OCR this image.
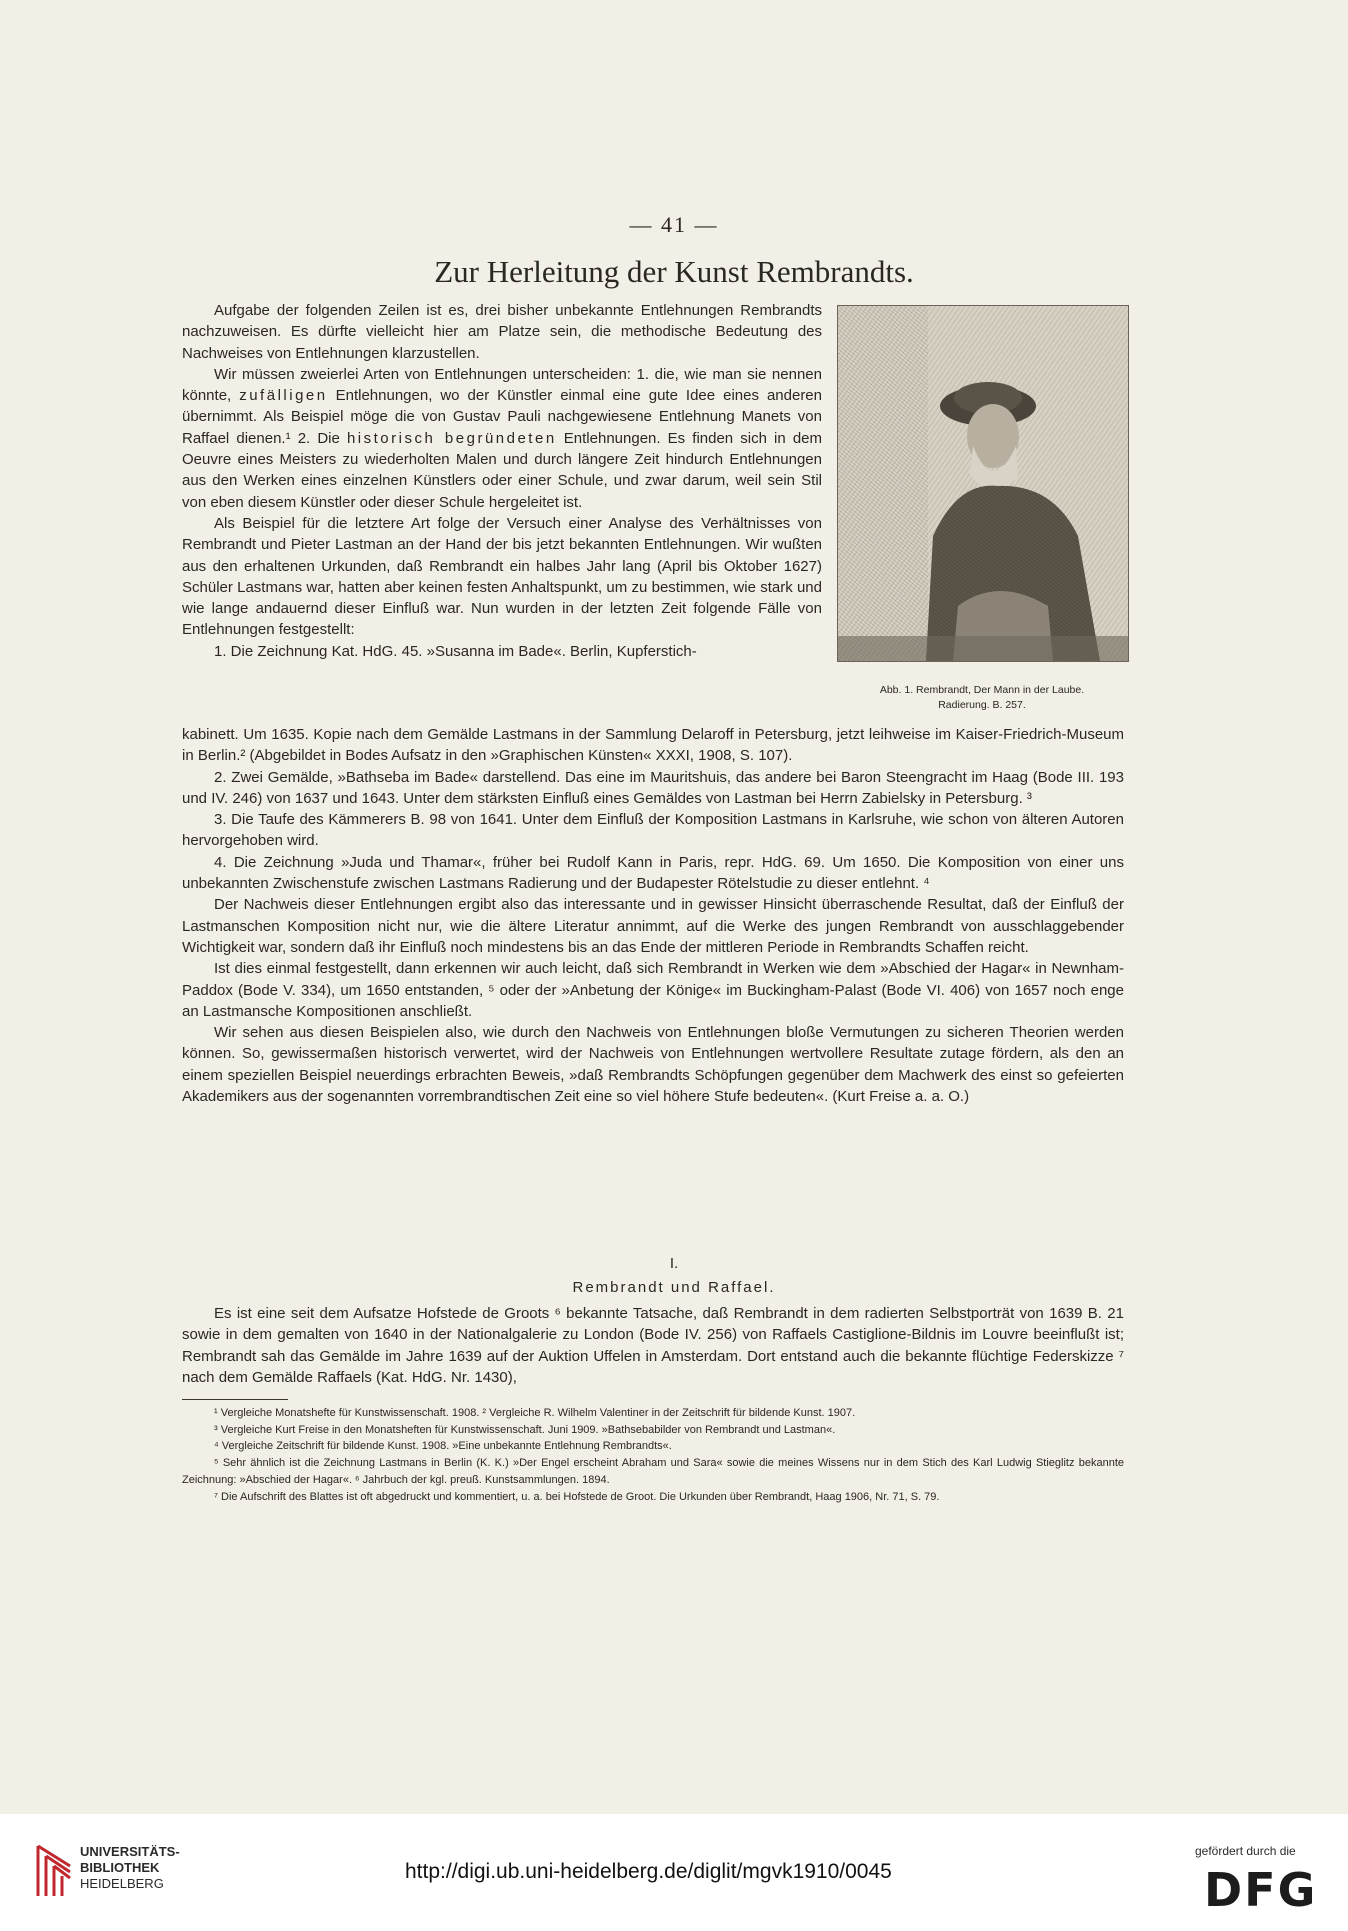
— 41 —
Zur Herleitung der Kunst Rembrandts.

Aufgabe der folgenden Zeilen ist es, drei bisher unbekannte Entlehnungen Rembrandts nachzuweisen. Es dürfte vielleicht hier am Platze sein, die methodische Bedeutung des Nachweises von Entlehnungen klarzustellen.

Wir müssen zweierlei Arten von Entlehnungen unterscheiden: 1. die, wie man sie nennen könnte, zufälligen Entlehnungen, wo der Künstler einmal eine gute Idee eines anderen übernimmt. Als Beispiel möge die von Gustav Pauli nachgewiesene Entlehnung Manets von Raffael dienen.¹ 2. Die historisch begründeten Entlehnungen. Es finden sich in dem Oeuvre eines Meisters zu wiederholten Malen und durch längere Zeit hindurch Entlehnungen aus den Werken eines einzelnen Künstlers oder einer Schule, und zwar darum, weil sein Stil von eben diesem Künstler oder dieser Schule hergeleitet ist.

Als Beispiel für die letztere Art folge der Versuch einer Analyse des Verhältnisses von Rembrandt und Pieter Lastman an der Hand der bis jetzt bekannten Entlehnungen. Wir wußten aus den erhaltenen Urkunden, daß Rembrandt ein halbes Jahr lang (April bis Oktober 1627) Schüler Lastmans war, hatten aber keinen festen Anhaltspunkt, um zu bestimmen, wie stark und wie lange andauernd dieser Einfluß war. Nun wurden in der letzten Zeit folgende Fälle von Entlehnungen festgestellt:

1. Die Zeichnung Kat. HdG. 45. »Susanna im Bade«. Berlin, Kupferstich-

Abb. 1. Rembrandt, Der Mann in der Laube.
Radierung. B. 257.

kabinett. Um 1635. Kopie nach dem Gemälde Lastmans in der Sammlung Delaroff in Petersburg, jetzt leihweise im Kaiser-Friedrich-Museum in Berlin.² (Abgebildet in Bodes Aufsatz in den »Graphischen Künsten« XXXI, 1908, S. 107).

2. Zwei Gemälde, »Bathseba im Bade« darstellend. Das eine im Mauritshuis, das andere bei Baron Steengracht im Haag (Bode III. 193 und IV. 246) von 1637 und 1643. Unter dem stärksten Einfluß eines Gemäldes von Lastman bei Herrn Zabielsky in Petersburg. ³

3. Die Taufe des Kämmerers B. 98 von 1641. Unter dem Einfluß der Komposition Lastmans in Karlsruhe, wie schon von älteren Autoren hervorgehoben wird.

4. Die Zeichnung »Juda und Thamar«, früher bei Rudolf Kann in Paris, repr. HdG. 69. Um 1650. Die Komposition von einer uns unbekannten Zwischenstufe zwischen Lastmans Radierung und der Budapester Rötelstudie zu dieser entlehnt. ⁴

Der Nachweis dieser Entlehnungen ergibt also das interessante und in gewisser Hinsicht überraschende Resultat, daß der Einfluß der Lastmanschen Komposition nicht nur, wie die ältere Literatur annimmt, auf die Werke des jungen Rembrandt von ausschlaggebender Wichtigkeit war, sondern daß ihr Einfluß noch mindestens bis an das Ende der mittleren Periode in Rembrandts Schaffen reicht.

Ist dies einmal festgestellt, dann erkennen wir auch leicht, daß sich Rembrandt in Werken wie dem »Abschied der Hagar« in Newnham-Paddox (Bode V. 334), um 1650 entstanden, ⁵ oder der »Anbetung der Könige« im Buckingham-Palast (Bode VI. 406) von 1657 noch enge an Lastmansche Kompositionen anschließt.

Wir sehen aus diesen Beispielen also, wie durch den Nachweis von Entlehnungen bloße Vermutungen zu sicheren Theorien werden können. So, gewissermaßen historisch verwertet, wird der Nachweis von Entlehnungen wertvollere Resultate zutage fördern, als den an einem speziellen Beispiel neuerdings erbrachten Beweis, »daß Rembrandts Schöpfungen gegenüber dem Machwerk des einst so gefeierten Akademikers aus der sogenannten vorrembrandtischen Zeit eine so viel höhere Stufe bedeuten«. (Kurt Freise a. a. O.)

I.
Rembrandt und Raffael.

Es ist eine seit dem Aufsatze Hofstede de Groots ⁶ bekannte Tatsache, daß Rembrandt in dem radierten Selbstporträt von 1639 B. 21 sowie in dem gemalten von 1640 in der Nationalgalerie zu London (Bode IV. 256) von Raffaels Castiglione-Bildnis im Louvre beeinflußt ist; Rembrandt sah das Gemälde im Jahre 1639 auf der Auktion Uffelen in Amsterdam. Dort entstand auch die bekannte flüchtige Federskizze ⁷ nach dem Gemälde Raffaels (Kat. HdG. Nr. 1430),

¹ Vergleiche Monatshefte für Kunstwissenschaft. 1908. ² Vergleiche R. Wilhelm Valentiner in der Zeitschrift für bildende Kunst. 1907.

³ Vergleiche Kurt Freise in den Monatsheften für Kunstwissenschaft. Juni 1909. »Bathsebabilder von Rembrandt und Lastman«.

⁴ Vergleiche Zeitschrift für bildende Kunst. 1908. »Eine unbekannte Entlehnung Rembrandts«.

⁵ Sehr ähnlich ist die Zeichnung Lastmans in Berlin (K. K.) »Der Engel erscheint Abraham und Sara« sowie die meines Wissens nur in dem Stich des Karl Ludwig Stieglitz bekannte Zeichnung: »Abschied der Hagar«. ⁶ Jahrbuch der kgl. preuß. Kunstsammlungen. 1894.

⁷ Die Aufschrift des Blattes ist oft abgedruckt und kommentiert, u. a. bei Hofstede de Groot. Die Urkunden über Rembrandt, Haag 1906, Nr. 71, S. 79.

UNIVERSITÄTS-
BIBLIOTHEK
HEIDELBERG
http://digi.ub.uni-heidelberg.de/diglit/mgvk1910/0045
gefördert durch die
DFG
